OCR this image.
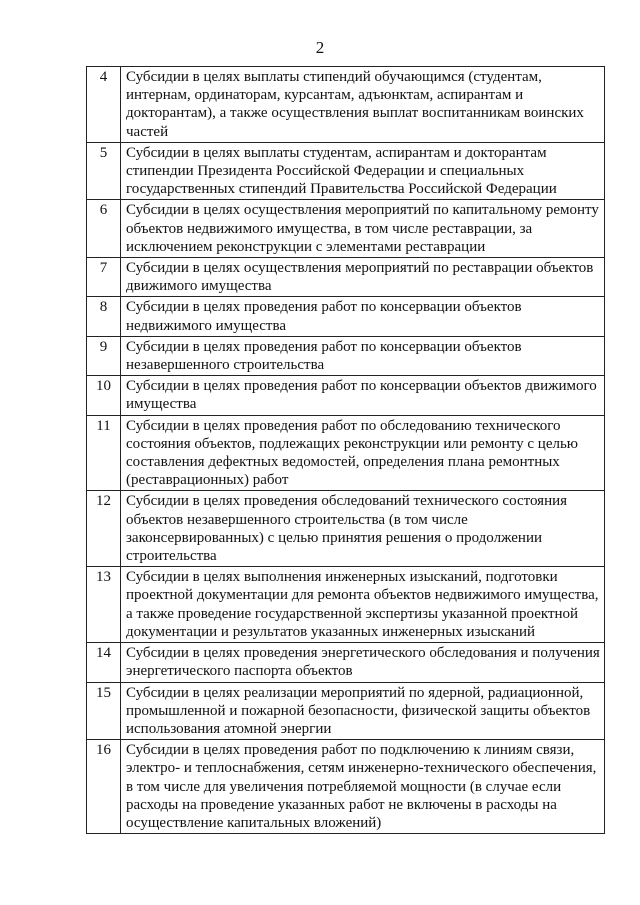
2
4	Субсидии в целях выплаты стипендий обучающимся (студентам, интернам, ординаторам, курсантам, адъюнктам, аспирантам и докторантам), а также осуществления выплат воспитанникам воинских частей
5	Субсидии в целях выплаты студентам, аспирантам и докторантам стипендии Президента Российской Федерации и специальных государственных стипендий Правительства Российской Федерации
6	Субсидии в целях осуществления мероприятий по капитальному ремонту объектов недвижимого имущества, в том числе реставрации, за исключением реконструкции с элементами реставрации
7	Субсидии в целях осуществления мероприятий по реставрации объектов движимого имущества
8	Субсидии в целях проведения работ по консервации объектов недвижимого имущества
9	Субсидии в целях проведения работ по консервации объектов незавершенного строительства
10	Субсидии в целях проведения работ по консервации объектов движимого имущества
11	Субсидии в целях проведения работ по обследованию технического состояния объектов, подлежащих реконструкции или ремонту с целью составления дефектных ведомостей, определения плана ремонтных (реставрационных) работ
12	Субсидии в целях проведения обследований технического состояния объектов незавершенного строительства (в том числе законсервированных) с целью принятия решения о продолжении строительства
13	Субсидии в целях выполнения инженерных изысканий, подготовки проектной документации для ремонта объектов недвижимого имущества, а также проведение государственной экспертизы указанной проектной документации и результатов указанных инженерных изысканий
14	Субсидии в целях проведения энергетического обследования и получения энергетического паспорта объектов
15	Субсидии в целях реализации мероприятий по ядерной, радиационной, промышленной и пожарной безопасности, физической защиты объектов использования атомной энергии
16	Субсидии в целях проведения работ по подключению к линиям связи, электро- и теплоснабжения, сетям инженерно-технического обеспечения, в том числе для увеличения потребляемой мощности (в случае если расходы на проведение указанных работ не включены в расходы на осуществление капитальных вложений)
